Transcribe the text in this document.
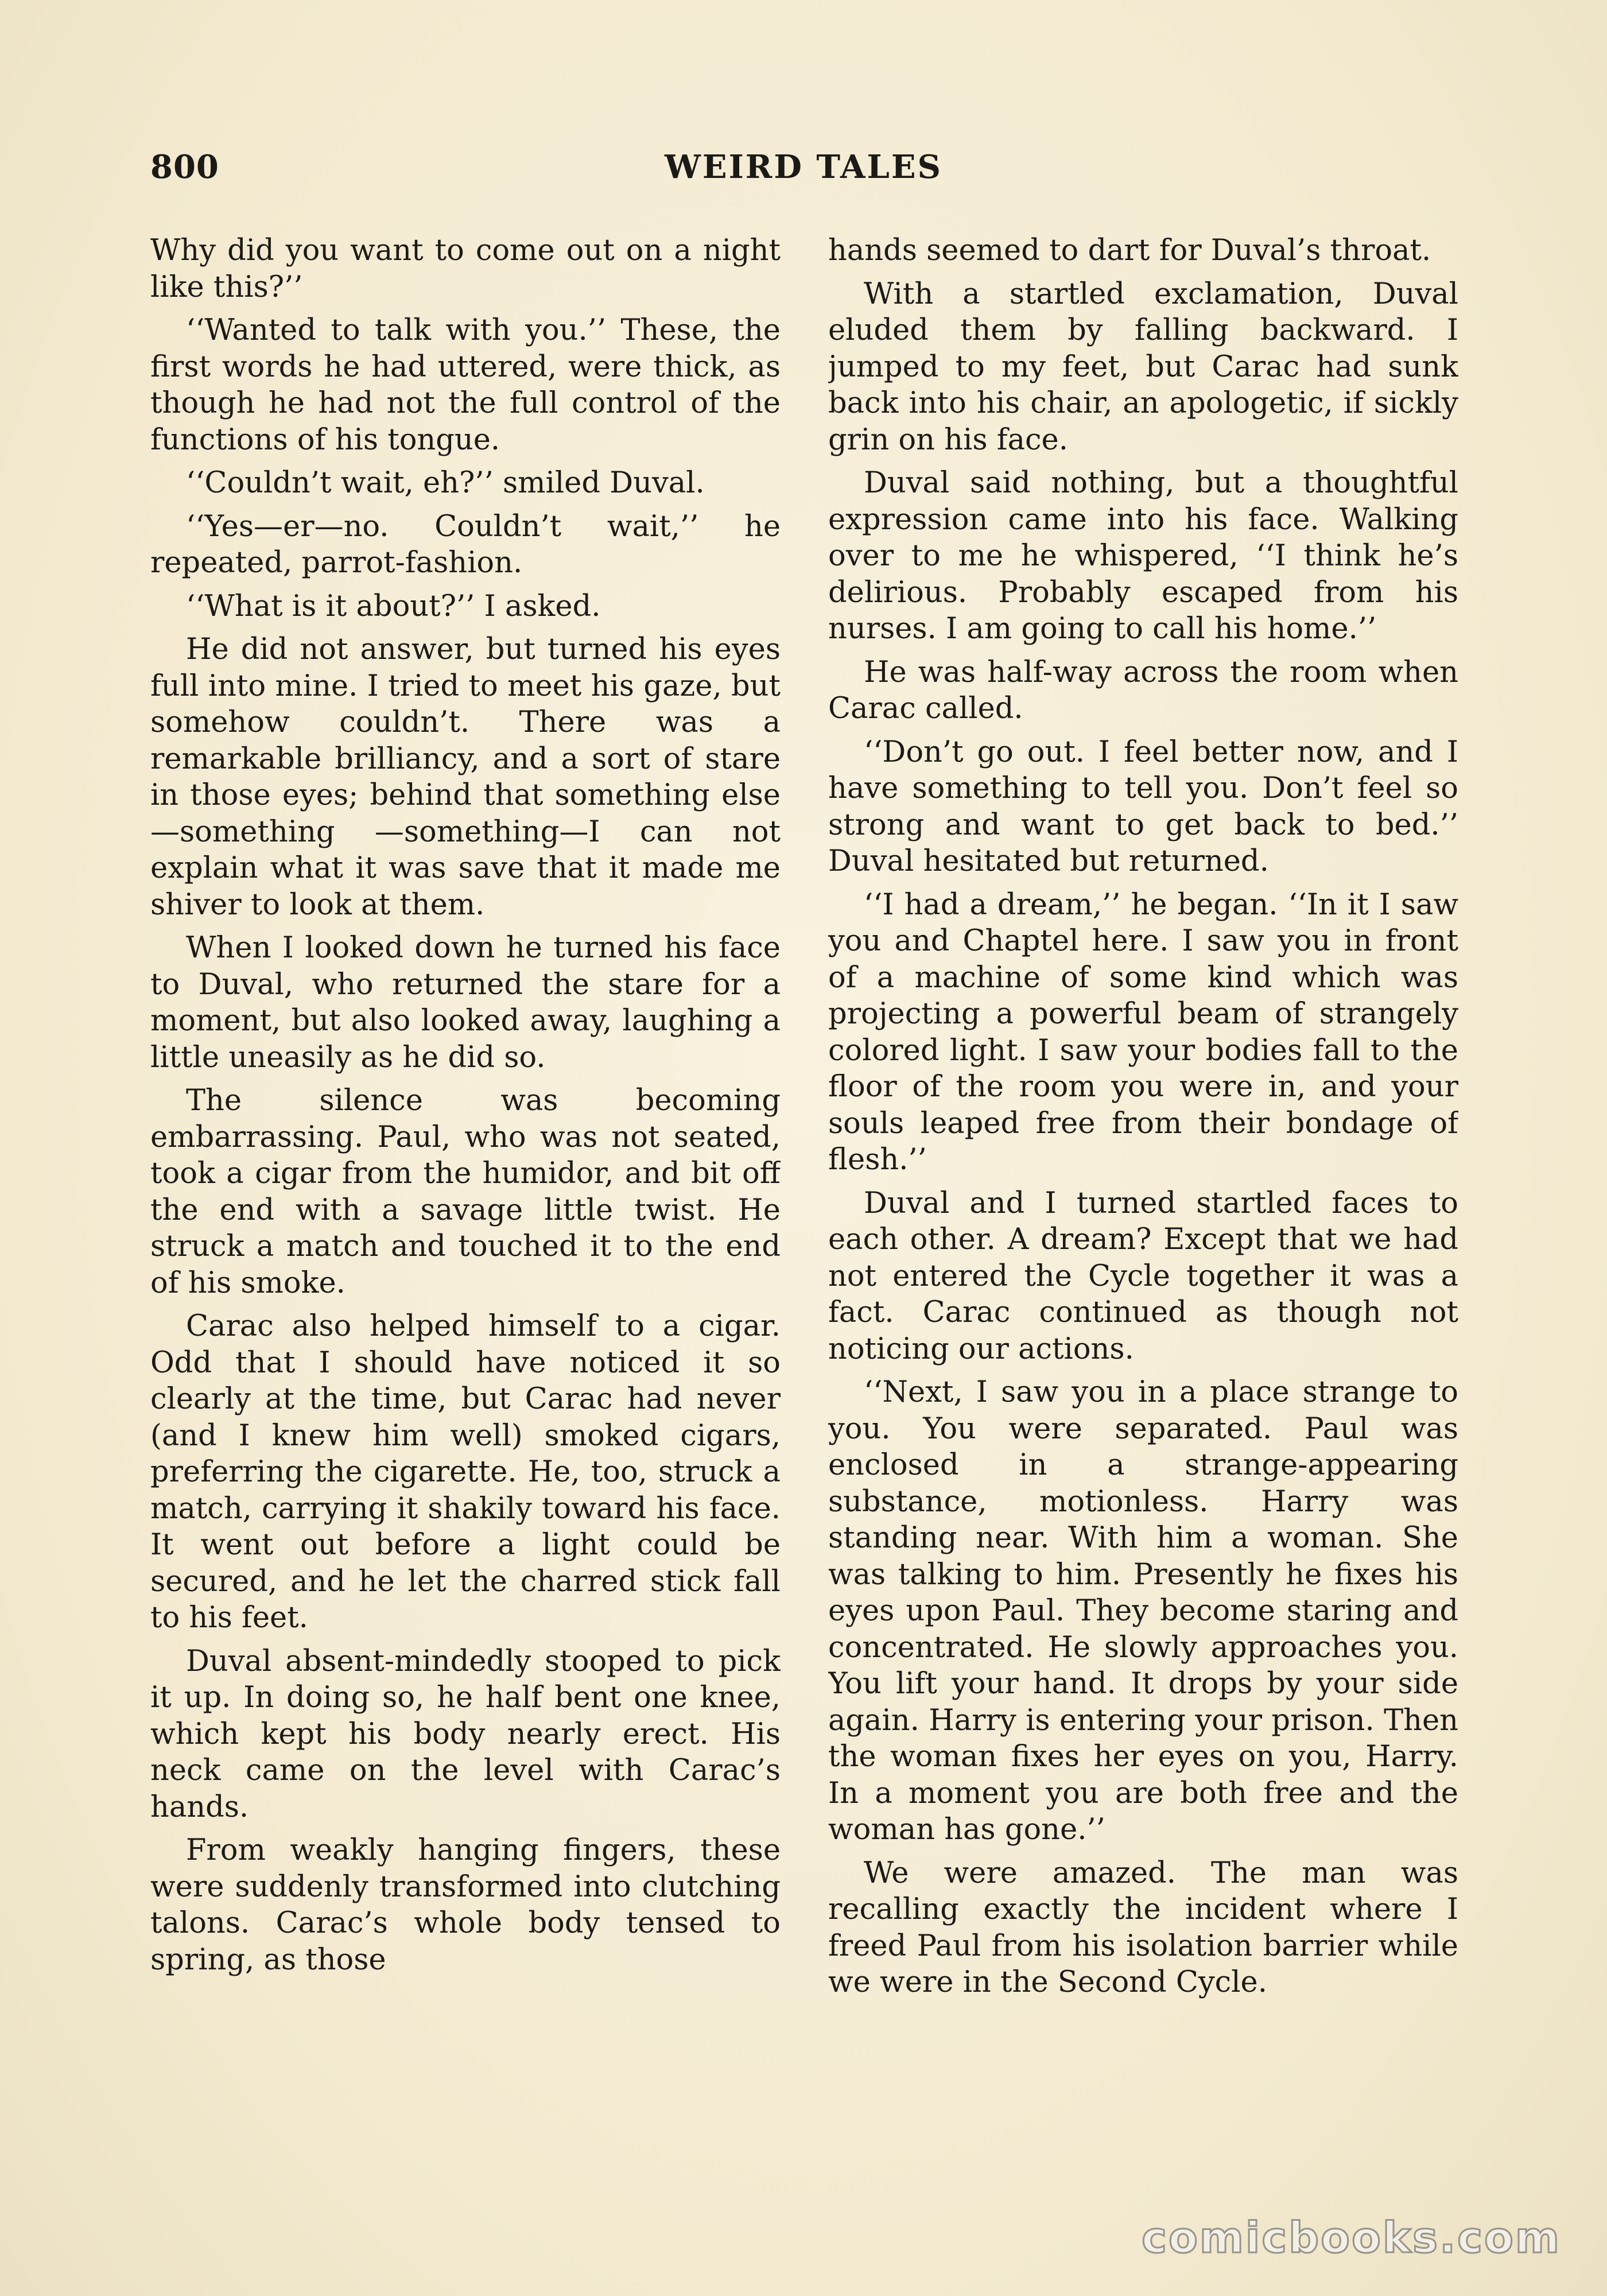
800	WEIRD TALES

Why did you want to come out on a night like this?’’

‘‘Wanted to talk with you.’’ These, the first words he had uttered, were thick, as though he had not the full control of the functions of his tongue.

‘‘Couldn’t wait, eh?’’ smiled Duval.

‘‘Yes—er—no. Couldn’t wait,’’ he repeated, parrot-fashion.

‘‘What is it about?’’ I asked.

He did not answer, but turned his eyes full into mine. I tried to meet his gaze, but somehow couldn’t. There was a remarkable brilliancy, and a sort of stare in those eyes; behind that something else—something —something—I can not explain what it was save that it made me shiver to look at them.

When I looked down he turned his face to Duval, who returned the stare for a moment, but also looked away, laughing a little uneasily as he did so.

The silence was becoming embarrassing. Paul, who was not seated, took a cigar from the humidor, and bit off the end with a savage little twist. He struck a match and touched it to the end of his smoke.

Carac also helped himself to a cigar. Odd that I should have noticed it so clearly at the time, but Carac had never (and I knew him well) smoked cigars, preferring the cigarette. He, too, struck a match, carrying it shakily toward his face. It went out before a light could be secured, and he let the charred stick fall to his feet.

Duval absent-mindedly stooped to pick it up. In doing so, he half bent one knee, which kept his body nearly erect. His neck came on the level with Carac’s hands.

From weakly hanging fingers, these were suddenly transformed into clutching talons. Carac’s whole body tensed to spring, as those

hands seemed to dart for Duval’s throat.

With a startled exclamation, Duval eluded them by falling backward. I jumped to my feet, but Carac had sunk back into his chair, an apologetic, if sickly grin on his face.

Duval said nothing, but a thoughtful expression came into his face. Walking over to me he whispered, ‘‘I think he’s delirious. Probably escaped from his nurses. I am going to call his home.’’

He was half-way across the room when Carac called.

‘‘Don’t go out. I feel better now, and I have something to tell you. Don’t feel so strong and want to get back to bed.’’ Duval hesitated but returned.

‘‘I had a dream,’’ he began. ‘‘In it I saw you and Chaptel here. I saw you in front of a machine of some kind which was projecting a powerful beam of strangely colored light. I saw your bodies fall to the floor of the room you were in, and your souls leaped free from their bondage of flesh.’’

Duval and I turned startled faces to each other. A dream? Except that we had not entered the Cycle together it was a fact. Carac continued as though not noticing our actions.

‘‘Next, I saw you in a place strange to you. You were separated. Paul was enclosed in a strange-appearing substance, motionless. Harry was standing near. With him a woman. She was talking to him. Presently he fixes his eyes upon Paul. They become staring and concentrated. He slowly approaches you. You lift your hand. It drops by your side again. Harry is entering your prison. Then the woman fixes her eyes on you, Harry. In a moment you are both free and the woman has gone.’’

We were amazed. The man was recalling exactly the incident where I freed Paul from his isolation barrier while we were in the Second Cycle.

comicbooks.com
